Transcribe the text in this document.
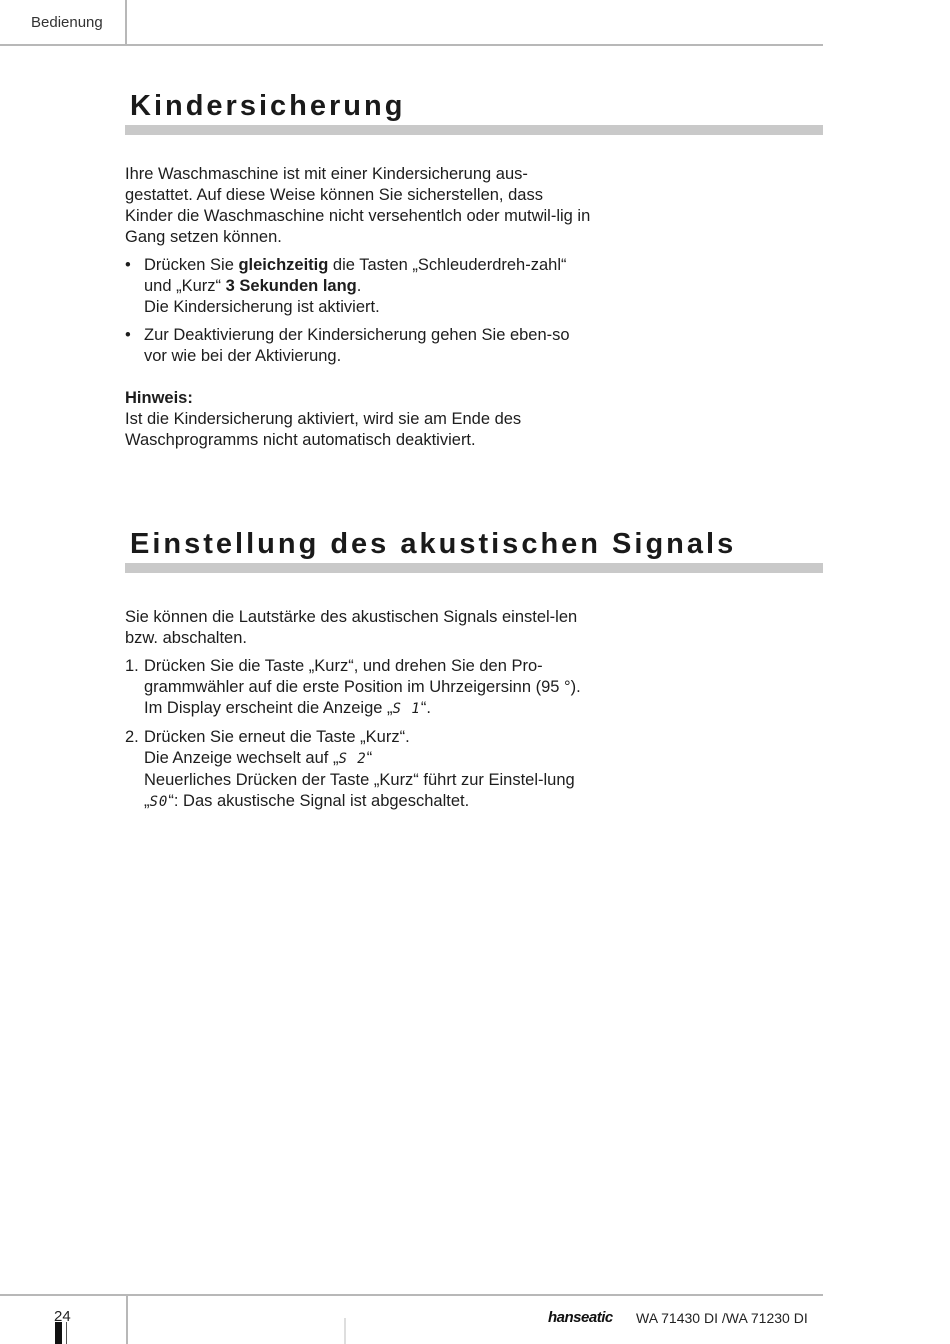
Bedienung
Kindersicherung

Ihre Waschmaschine ist mit einer Kindersicherung aus-gestattet. Auf diese Weise können Sie sicherstellen, dass Kinder die Waschmaschine nicht versehentlch oder mutwil-lig in Gang setzen können.

• Drücken Sie gleichzeitig die Tasten „Schleuderdreh-zahl“ und „Kurz“ 3 Sekunden lang.
Die Kindersicherung ist aktiviert.
• Zur Deaktivierung der Kindersicherung gehen Sie eben-so vor wie bei der Aktivierung.

Hinweis:

Ist die Kindersicherung aktiviert, wird sie am Ende des Waschprogramms nicht automatisch deaktiviert.

Einstellung des akustischen Signals

Sie können die Lautstärke des akustischen Signals einstel-len bzw. abschalten.

1. Drücken Sie die Taste „Kurz“, und drehen Sie den Pro-grammwähler auf die erste Position im Uhrzeigersinn (95 °).
Im Display erscheint die Anzeige „S 1“.
2. Drücken Sie erneut die Taste „Kurz“.
Die Anzeige wechselt auf „S 2“
Neuerliches Drücken der Taste „Kurz“ führt zur Einstel-lung „S0“: Das akustische Signal ist abgeschaltet.
24	hanseatic WA 71430 DI /WA 71230 DI
